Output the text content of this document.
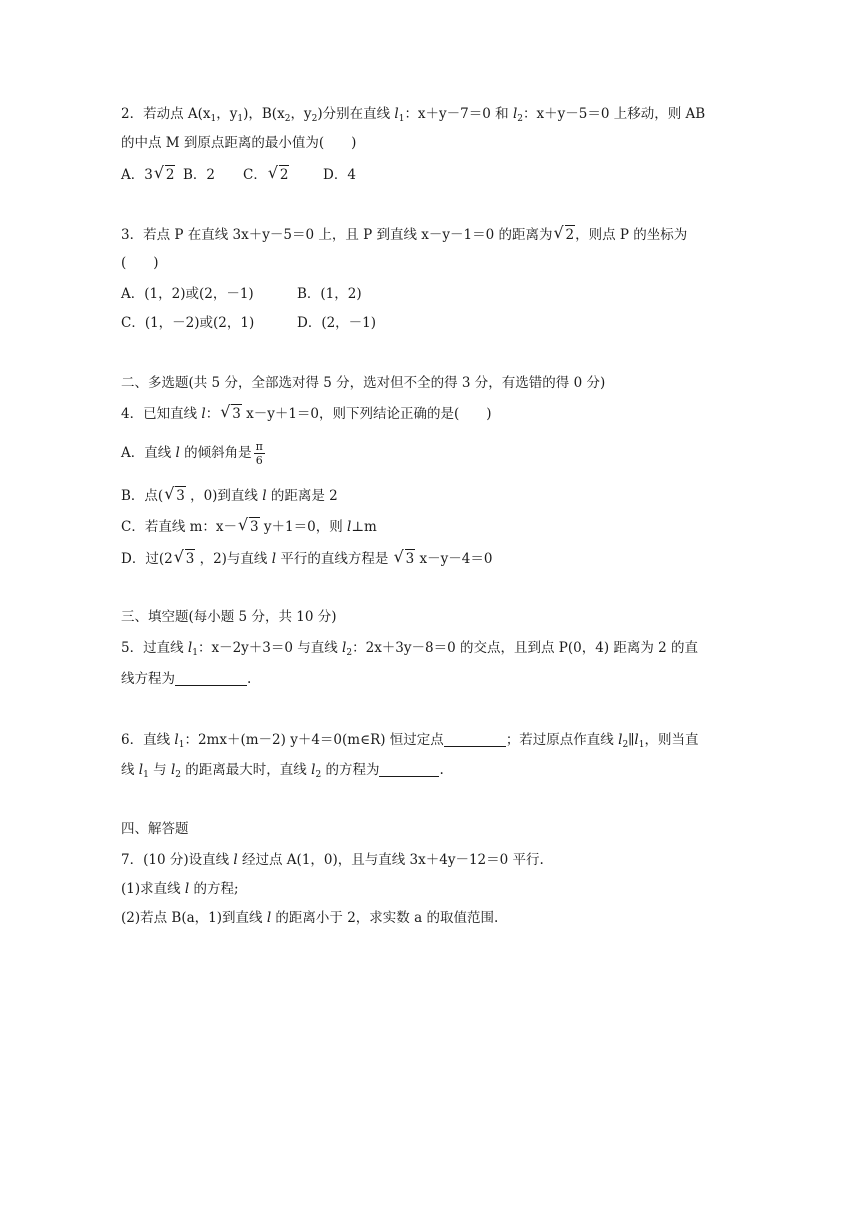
2．若动点 $A(x_1$，$y_1$)，$B(x_2$，$y_2$)分别在直线 $l_1$：x＋y－7＝0 和 $l_2$：x＋y－5＝0 上移动，则 AB
的中点 M 到原点距离的最小值为(　　)
A．3 √ 2 B．2 C． √ 2	D．4
3．若点 P 在直线 3x＋y－5＝0 上，且 P 到直线 x－y－1＝0 的距离为 √ 2，则点 P 的坐标为
(　　)
A．(1，2)或(2，－1)	B．(1，2)
C．(1，－2)或(2，1)	D．(2，－1)
二、多选题(共 5 分，全部选对得 5 分，选对但不全的得 3 分，有选错的得 0 分)
4．已知直线 l： √ 3 x－y＋1＝0，则下列结论正确的是(　　)
A．直线 l 的倾斜角是 $\frac{\pi}{6}$
B．点( √ 3 ，0)到直线 l 的距离是 2
C．若直线 m：x－ √ 3 y＋1＝0，则 l⊥m
D．过(2 √ 3 ，2)与直线 l 平行的直线方程是 √ 3 x－y－4＝0
三、填空题(每小题 5 分，共 10 分)
5．过直线 $l_1$：x－2y＋3＝0 与直线 $l_2$：2x＋3y－8＝0 的交点，且到点 P(0，4) 距离为 2 的直
线方程为	.
6．直线 $l_1$：2mx＋(m－2) y＋4＝0(m∈R) 恒过定点	；若过原点作直线 $l_2\parallel l_1$，则当直
线 $l_1$ 与 $l_2$ 的距离最大时，直线 $l_2$ 的方程为	.
四、解答题
7．(10 分)设直线 l 经过点 A(1，0)，且与直线 3x＋4y－12＝0 平行.
(1)求直线 l 的方程;
(2)若点 B(a，1)到直线 l 的距离小于 2，求实数 a 的取值范围.
